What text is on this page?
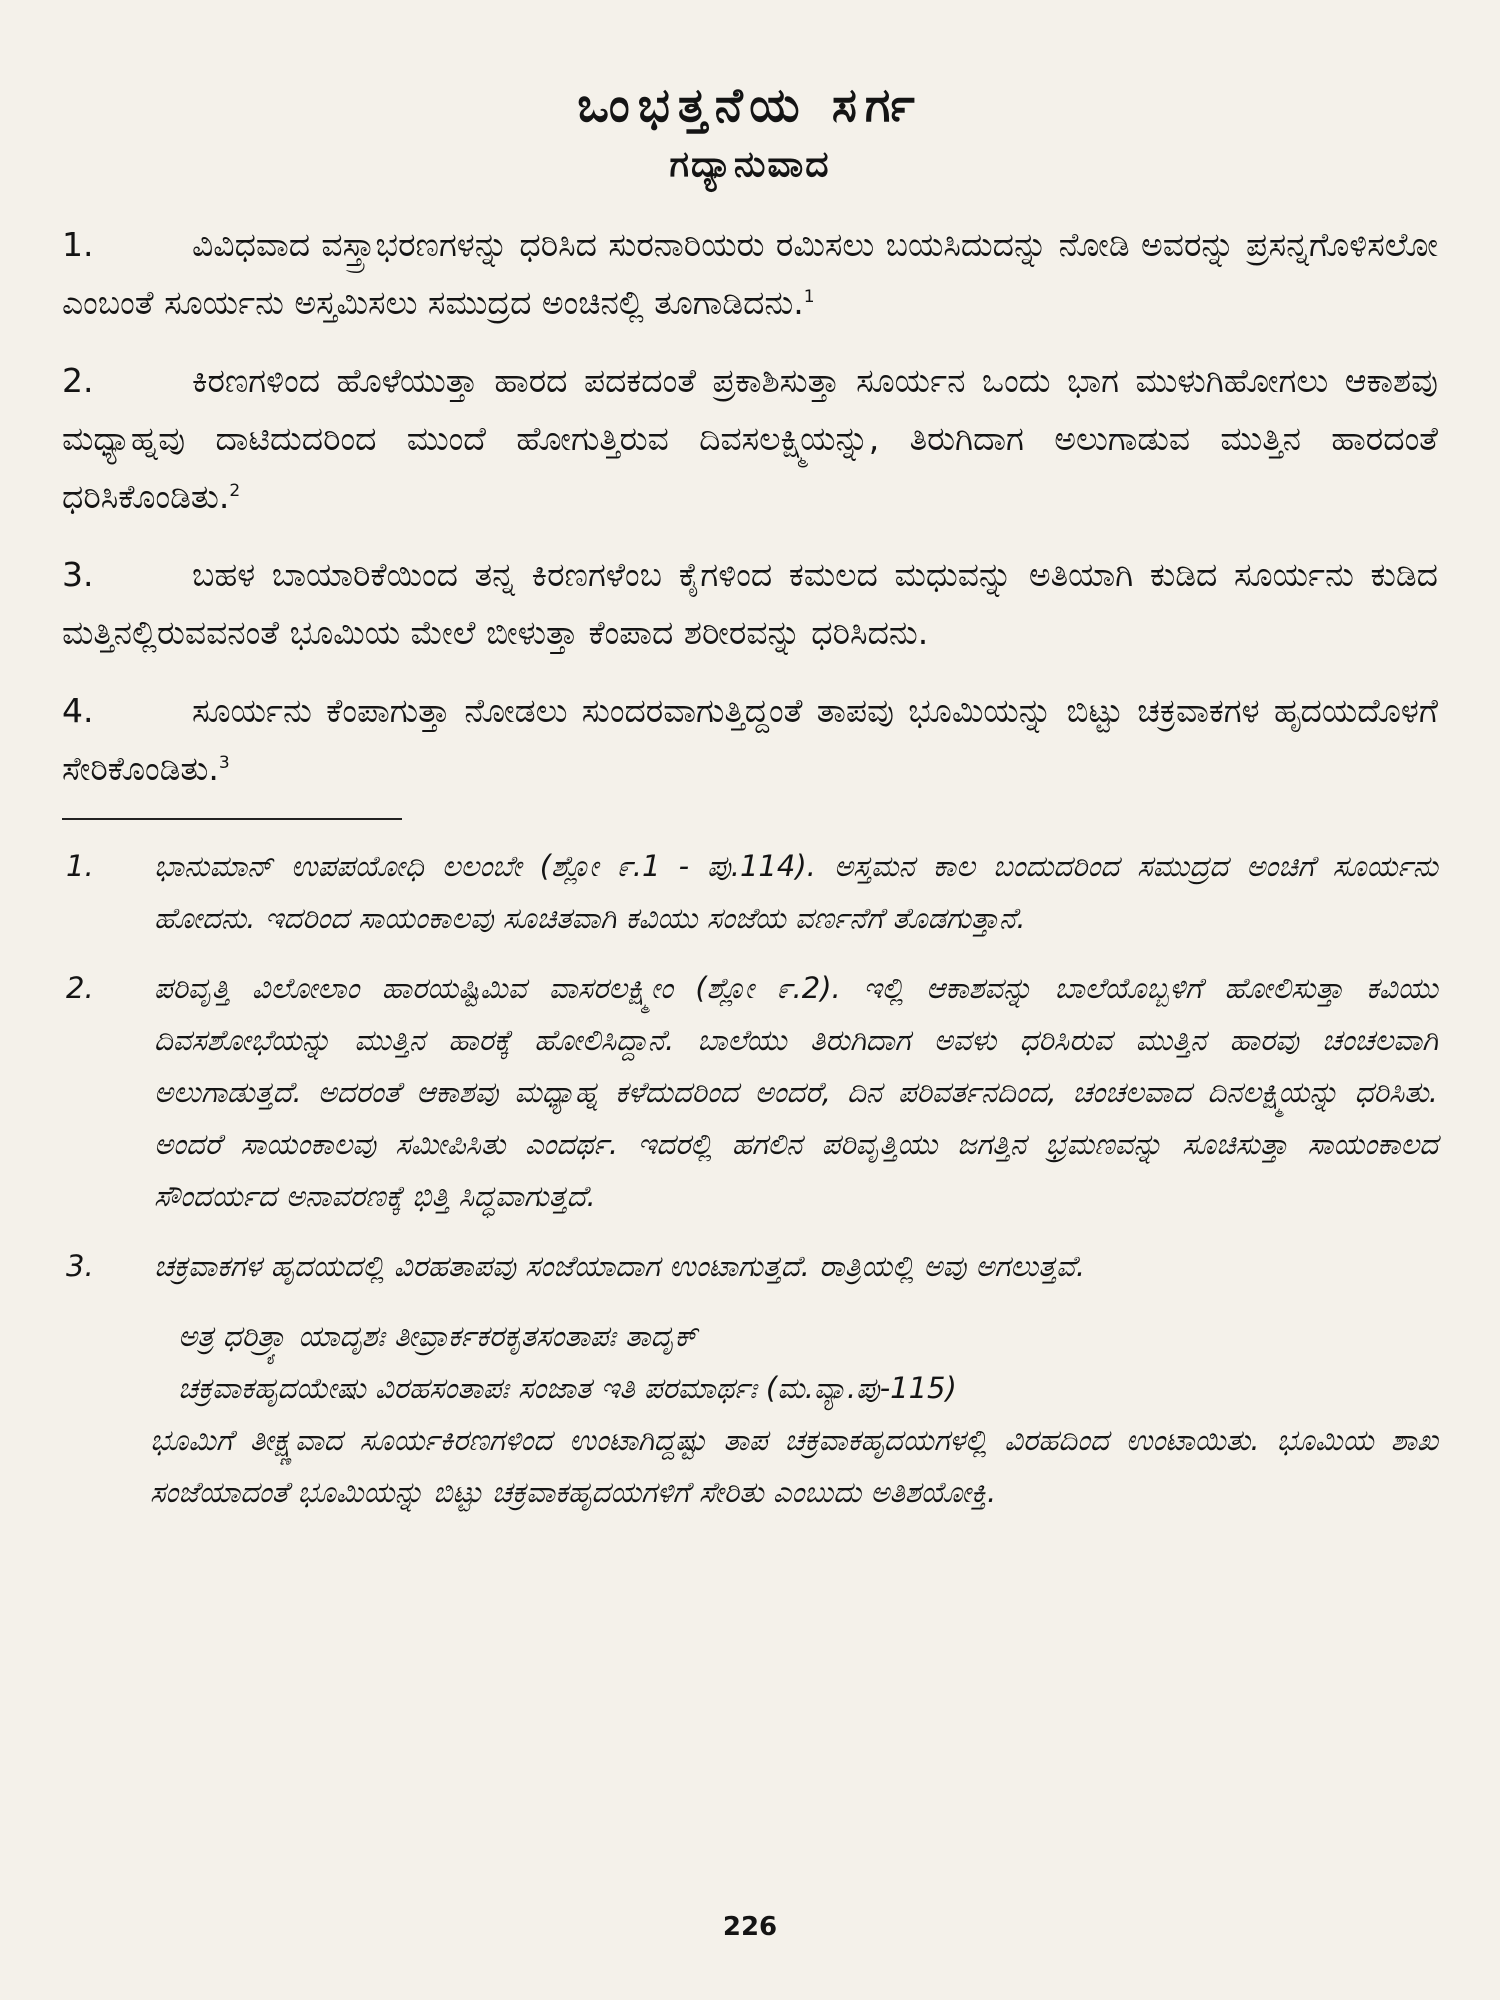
ಒಂಭತ್ತನೆಯ ಸರ್ಗ
ಗದ್ಯಾನುವಾದ
1.	ವಿವಿಧವಾದ ವಸ್ತ್ರಾಭರಣಗಳನ್ನು ಧರಿಸಿದ ಸುರನಾರಿಯರು ರಮಿಸಲು ಬಯಸಿದುದನ್ನು ನೋಡಿ ಅವರನ್ನು ಪ್ರಸನ್ನಗೊಳಿಸಲೋ ಎಂಬಂತೆ ಸೂರ್ಯನು ಅಸ್ತಮಿಸಲು ಸಮುದ್ರದ ಅಂಚಿನಲ್ಲಿ ತೂಗಾಡಿದನು.$^1$
2.	ಕಿರಣಗಳಿಂದ ಹೊಳೆಯುತ್ತಾ ಹಾರದ ಪದಕದಂತೆ ಪ್ರಕಾಶಿಸುತ್ತಾ ಸೂರ್ಯನ ಒಂದು ಭಾಗ ಮುಳುಗಿಹೋಗಲು ಆಕಾಶವು ಮಧ್ಯಾಹ್ನವು ದಾಟಿದುದರಿಂದ ಮುಂದೆ ಹೋಗುತ್ತಿರುವ ದಿವಸಲಕ್ಷ್ಮಿಯನ್ನು, ತಿರುಗಿದಾಗ ಅಲುಗಾಡುವ ಮುತ್ತಿನ ಹಾರದಂತೆ ಧರಿಸಿಕೊಂಡಿತು.$^2$
3.	ಬಹಳ ಬಾಯಾರಿಕೆಯಿಂದ ತನ್ನ ಕಿರಣಗಳೆಂಬ ಕೈಗಳಿಂದ ಕಮಲದ ಮಧುವನ್ನು ಅತಿಯಾಗಿ ಕುಡಿದ ಸೂರ್ಯನು ಕುಡಿದ ಮತ್ತಿನಲ್ಲಿರುವವನಂತೆ ಭೂಮಿಯ ಮೇಲೆ ಬೀಳುತ್ತಾ ಕೆಂಪಾದ ಶರೀರವನ್ನು ಧರಿಸಿದನು.
4.	ಸೂರ್ಯನು ಕೆಂಪಾಗುತ್ತಾ ನೋಡಲು ಸುಂದರವಾಗುತ್ತಿದ್ದಂತೆ ತಾಪವು ಭೂಮಿಯನ್ನು ಬಿಟ್ಟು ಚಕ್ರವಾಕಗಳ ಹೃದಯದೊಳಗೆ ಸೇರಿಕೊಂಡಿತು.$^3$
1.	ಭಾನುಮಾನ್ ಉಪಪಯೋಧಿ ಲಲಂಬೇ (ಶ್ಲೋ ೯.1 - ಪು.114). ಅಸ್ತಮನ ಕಾಲ ಬಂದುದರಿಂದ ಸಮುದ್ರದ ಅಂಚಿಗೆ ಸೂರ್ಯನು ಹೋದನು. ಇದರಿಂದ ಸಾಯಂಕಾಲವು ಸೂಚಿತವಾಗಿ ಕವಿಯು ಸಂಜೆಯ ವರ್ಣನೆಗೆ ತೊಡಗುತ್ತಾನೆ.
2.	ಪರಿವೃತ್ತಿ ವಿಲೋಲಾಂ ಹಾರಯಷ್ಟಿಮಿವ ವಾಸರಲಕ್ಷ್ಮೀಂ (ಶ್ಲೋ ೯.2). ಇಲ್ಲಿ ಆಕಾಶವನ್ನು ಬಾಲೆಯೊಬ್ಬಳಿಗೆ ಹೋಲಿಸುತ್ತಾ ಕವಿಯು ದಿವಸಶೋಭೆಯನ್ನು ಮುತ್ತಿನ ಹಾರಕ್ಕೆ ಹೋಲಿಸಿದ್ದಾನೆ. ಬಾಲೆಯು ತಿರುಗಿದಾಗ ಅವಳು ಧರಿಸಿರುವ ಮುತ್ತಿನ ಹಾರವು ಚಂಚಲವಾಗಿ ಅಲುಗಾಡುತ್ತದೆ. ಅದರಂತೆ ಆಕಾಶವು ಮಧ್ಯಾಹ್ನ ಕಳೆದುದರಿಂದ ಅಂದರೆ, ದಿನ ಪರಿವರ್ತನದಿಂದ, ಚಂಚಲವಾದ ದಿನಲಕ್ಷ್ಮಿಯನ್ನು ಧರಿಸಿತು. ಅಂದರೆ ಸಾಯಂಕಾಲವು ಸಮೀಪಿಸಿತು ಎಂದರ್ಥ. ಇದರಲ್ಲಿ ಹಗಲಿನ ಪರಿವೃತ್ತಿಯು ಜಗತ್ತಿನ ಭ್ರಮಣವನ್ನು ಸೂಚಿಸುತ್ತಾ ಸಾಯಂಕಾಲದ ಸೌಂದರ್ಯದ ಅನಾವರಣಕ್ಕೆ ಭಿತ್ತಿ ಸಿದ್ಧವಾಗುತ್ತದೆ.
3.	ಚಕ್ರವಾಕಗಳ ಹೃದಯದಲ್ಲಿ ವಿರಹತಾಪವು ಸಂಜೆಯಾದಾಗ ಉಂಟಾಗುತ್ತದೆ. ರಾತ್ರಿಯಲ್ಲಿ ಅವು ಅಗಲುತ್ತವೆ.
ಅತ್ರ ಧರಿತ್ರ್ಯಾ ಯಾದೃಶಃ ತೀವ್ರಾರ್ಕಕರಕೃತಸಂತಾಪಃ ತಾದೃಕ್
ಚಕ್ರವಾಕಹೃದಯೇಷು ವಿರಹಸಂತಾಪಃ ಸಂಜಾತ ಇತಿ ಪರಮಾರ್ಥಃ (ಮ.ವ್ಯಾ.ಪು-115)
ಭೂಮಿಗೆ ತೀಕ್ಷ್ಣವಾದ ಸೂರ್ಯಕಿರಣಗಳಿಂದ ಉಂಟಾಗಿದ್ದಷ್ಟು ತಾಪ ಚಕ್ರವಾಕಹೃದಯಗಳಲ್ಲಿ ವಿರಹದಿಂದ ಉಂಟಾಯಿತು. ಭೂಮಿಯ ಶಾಖ ಸಂಜೆಯಾದಂತೆ ಭೂಮಿಯನ್ನು ಬಿಟ್ಟು ಚಕ್ರವಾಕಹೃದಯಗಳಿಗೆ ಸೇರಿತು ಎಂಬುದು ಅತಿಶಯೋಕ್ತಿ.
226
